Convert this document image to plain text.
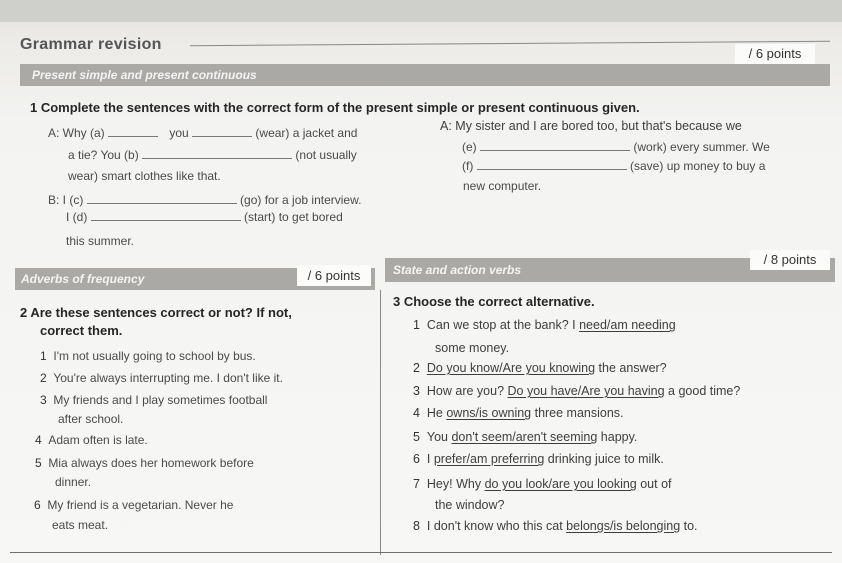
Grammar revision
Present simple and present continuous
/ 6 points
1 Complete the sentences with the correct form of the present simple or present continuous given.
A: Why (a)	you	(wear) a jacket and
a tie? You (b)	(not usually
wear) smart clothes like that.
B: I (c)	(go) for a job interview.
I (d)	(start) to get bored
this summer.
A: My sister and I are bored too, but that's because we
(e)	(work) every summer. We
(f)	(save) up money to buy a
new computer.
Adverbs of frequency	/ 6 points	State and action verbs
/ 8 points
2 Are these sentences correct or not? If not,
correct them.
1 I'm not usually going to school by bus.
2 You're always interrupting me. I don't like it.
3 My friends and I play sometimes football
after school.
4 Adam often is late.
5 Mia always does her homework before
dinner.
6 My friend is a vegetarian. Never he
eats meat.
3 Choose the correct alternative.
1 Can we stop at the bank? I need/am needing
some money.
2 Do you know/Are you knowing the answer?
3 How are you? Do you have/Are you having a good time?
4 He owns/is owning three mansions.
5 You don't seem/aren't seeming happy.
6 I prefer/am preferring drinking juice to milk.
7 Hey! Why do you look/are you looking out of
the window?
8 I don't know who this cat belongs/is belonging to.
